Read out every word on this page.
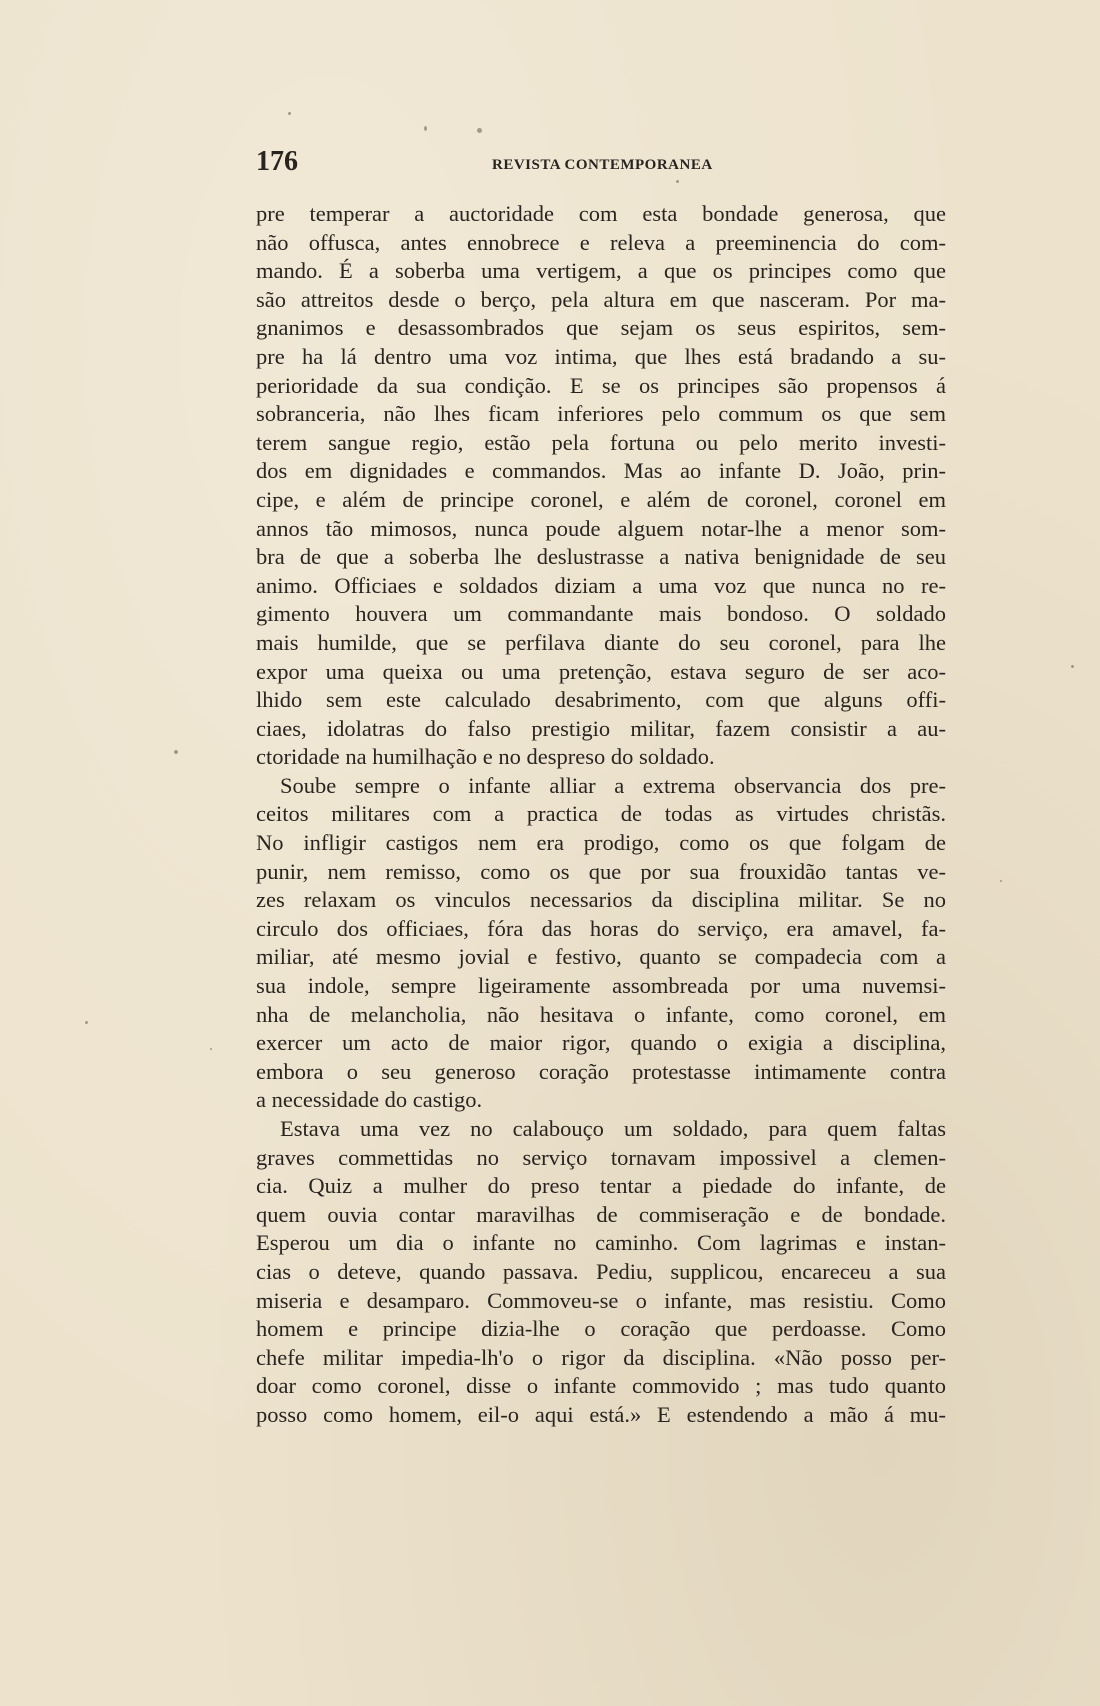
176	REVISTA CONTEMPORANEA
pre temperar a auctoridade com esta bondade generosa, que
não offusca, antes ennobrece e releva a preeminencia do com-
mando. É a soberba uma vertigem, a que os principes como que
são attreitos desde o berço, pela altura em que nasceram. Por ma-
gnanimos e desassombrados que sejam os seus espiritos, sem-
pre ha lá dentro uma voz intima, que lhes está bradando a su-
perioridade da sua condição. E se os principes são propensos á
sobranceria, não lhes ficam inferiores pelo commum os que sem
terem sangue regio, estão pela fortuna ou pelo merito investi-
dos em dignidades e commandos. Mas ao infante D. João, prin-
cipe, e além de principe coronel, e além de coronel, coronel em
annos tão mimosos, nunca poude alguem notar-lhe a menor som-
bra de que a soberba lhe deslustrasse a nativa benignidade de seu
animo. Officiaes e soldados diziam a uma voz que nunca no re-
gimento houvera um commandante mais bondoso. O soldado
mais humilde, que se perfilava diante do seu coronel, para lhe
expor uma queixa ou uma pretenção, estava seguro de ser aco-
lhido sem este calculado desabrimento, com que alguns offi-
ciaes, idolatras do falso prestigio militar, fazem consistir a au-
ctoridade na humilhação e no despreso do soldado.
Soube sempre o infante alliar a extrema observancia dos pre-
ceitos militares com a practica de todas as virtudes christãs.
No infligir castigos nem era prodigo, como os que folgam de
punir, nem remisso, como os que por sua frouxidão tantas ve-
zes relaxam os vinculos necessarios da disciplina militar. Se no
circulo dos officiaes, fóra das horas do serviço, era amavel, fa-
miliar, até mesmo jovial e festivo, quanto se compadecia com a
sua indole, sempre ligeiramente assombreada por uma nuvemsi-
nha de melancholia, não hesitava o infante, como coronel, em
exercer um acto de maior rigor, quando o exigia a disciplina,
embora o seu generoso coração protestasse intimamente contra
a necessidade do castigo.
Estava uma vez no calabouço um soldado, para quem faltas
graves commettidas no serviço tornavam impossivel a clemen-
cia. Quiz a mulher do preso tentar a piedade do infante, de
quem ouvia contar maravilhas de commiseração e de bondade.
Esperou um dia o infante no caminho. Com lagrimas e instan-
cias o deteve, quando passava. Pediu, supplicou, encareceu a sua
miseria e desamparo. Commoveu-se o infante, mas resistiu. Como
homem e principe dizia-lhe o coração que perdoasse. Como
chefe militar impedia-lh'o o rigor da disciplina. «Não posso per-
doar como coronel, disse o infante commovido ; mas tudo quanto
posso como homem, eil-o aqui está.» E estendendo a mão á mu-
